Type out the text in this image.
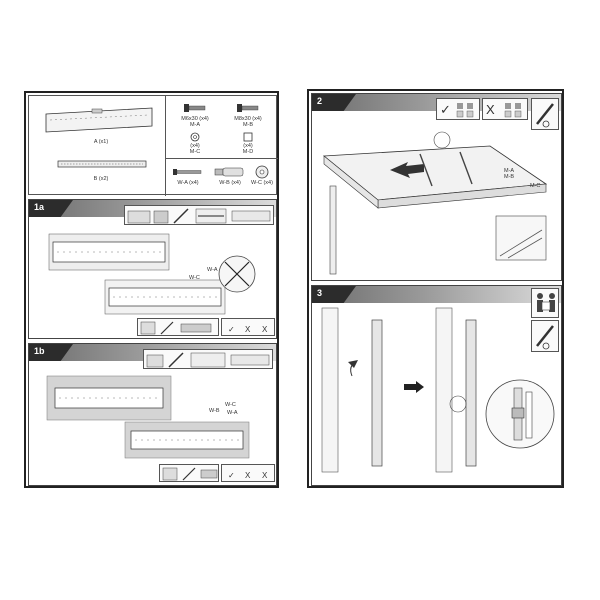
A (x1)
B (x2)
M6x30 (x4)
M-A
M8x30 (x4)
M-B
(x4)
M-C
(x4)
M-D
W-A (x4)	W-B (x4) W-C (x4)
1a
W-A
W-C
✓ X X
1b
W-B
W-C
W-A
✓ X X
2
✓	X
M-A
M-B
M-C
3
